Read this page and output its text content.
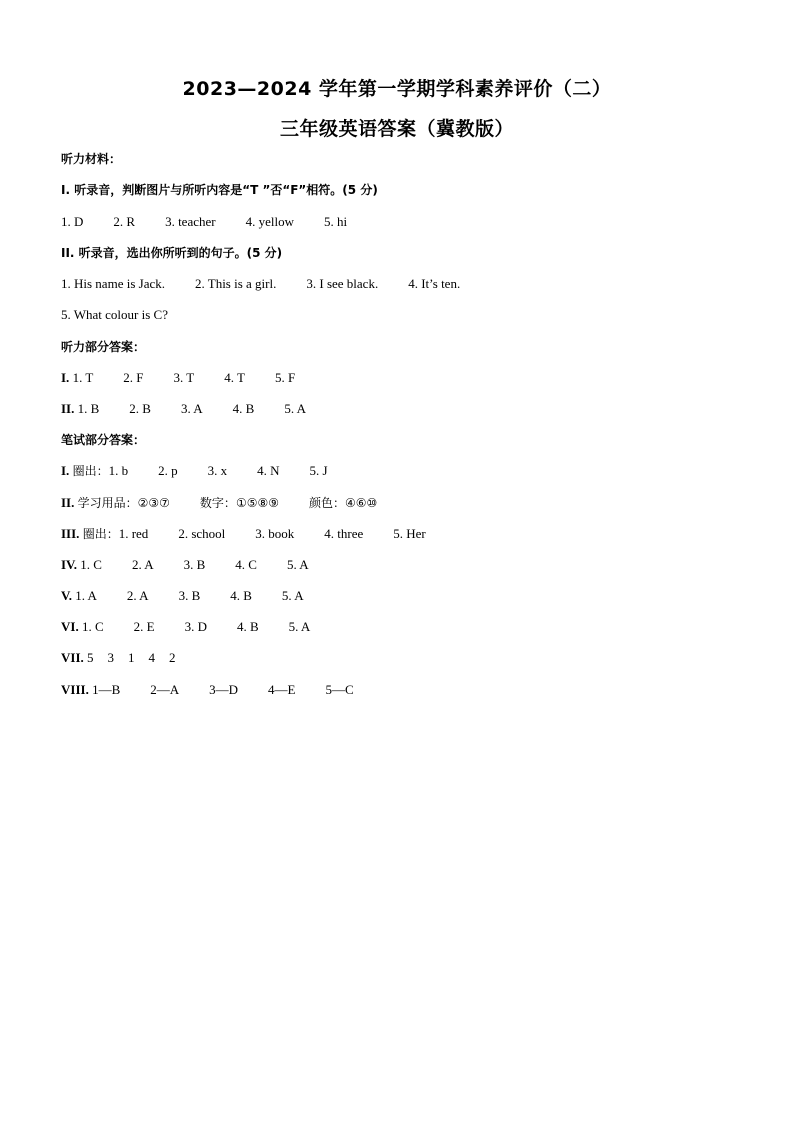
2023—2024 学年第一学期学科素养评价（二）
三年级英语答案（冀教版）
听力材料：
I. 听录音，判断图片与所听内容是“T ”否“F”相符。(5 分)
1. D 2. R 3. teacher 4. yellow 5. hi
II. 听录音，选出你所听到的句子。(5 分)
1. His name is Jack. 2. This is a girl. 3. I see black. 4. It’s ten.
5. What colour is C?
听力部分答案：
I. 1. T 2. F 3. T 4. T 5. F
II. 1. B 2. B 3. A 4. B 5. A
笔试部分答案：
I. 圈出：1. b 2. p 3. x 4. N 5. J
II. 学习用品：②③⑦	数字：①⑤⑧⑨	颜色：④⑥⑩
III. 圈出：1. red 2. school 3. book 4. three 5. Her
IV. 1. C 2. A 3. B 4. C 5. A
V. 1. A 2. A 3. B 4. B 5. A
VI. 1. C 2. E 3. D 4. B 5. A
VII. 5 3 1 4 2
VIII. 1—B 2—A 3—D 4—E 5—C
